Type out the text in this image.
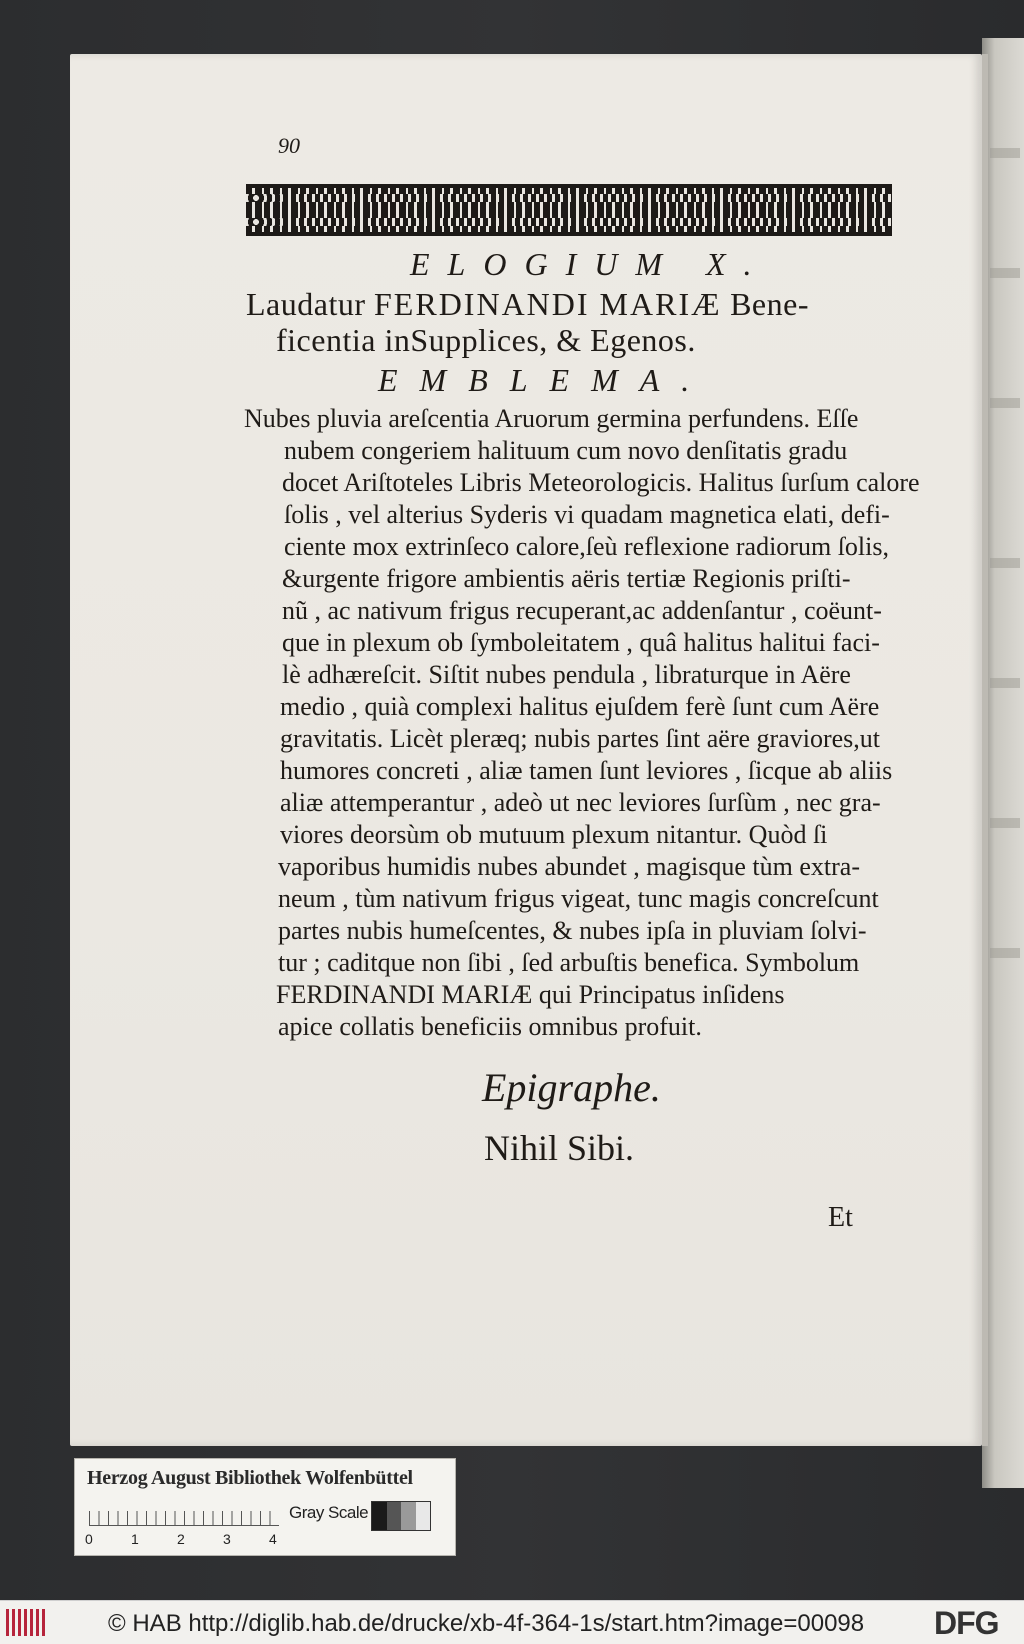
90
ELOGIUM X.
Laudatur FERDINANDI MARIÆ Bene-
ficentia inSupplices, & Egenos.
EMBLEMA.
Nubes pluvia areſcentia Aruorum germina perfundens. Eſſe
nubem congeriem halituum cum novo denſitatis gradu
docet Ariſtoteles Libris Meteorologicis. Halitus ſurſum calore
ſolis , vel alterius Syderis vi quadam magnetica elati, defi-
ciente mox extrinſeco calore,ſeù reflexione radiorum ſolis,
&urgente frigore ambientis aëris tertiæ Regionis priſti-
nũ , ac nativum frigus recuperant,ac addenſantur , coëunt-
que in plexum ob ſymboleitatem , quâ halitus halitui faci-
lè adhæreſcit. Siſtit nubes pendula , libraturque in Aëre
medio , quià complexi halitus ejuſdem ferè ſunt cum Aëre
gravitatis. Licèt pleræq; nubis partes ſint aëre graviores,ut
humores concreti , aliæ tamen ſunt leviores , ſicque ab aliis
aliæ attemperantur , adeò ut nec leviores ſurſùm , nec gra-
viores deorsùm ob mutuum plexum nitantur. Quòd ſi
vaporibus humidis nubes abundet , magisque tùm extra-
neum , tùm nativum frigus vigeat, tunc magis concreſcunt
partes nubis humeſcentes, & nubes ipſa in pluviam ſolvi-
tur ; caditque non ſibi , ſed arbuſtis benefica. Symbolum
FERDINANDI MARIÆ qui Principatus inſidens
apice collatis beneficiis omnibus profuit.
Epigraphe.
Nihil Sibi.
Et
Herzog August Bibliothek Wolfenbüttel
0	1	2	3	4
Gray Scale
© HAB http://diglib.hab.de/drucke/xb-4f-364-1s/start.htm?image=00098 DFG
